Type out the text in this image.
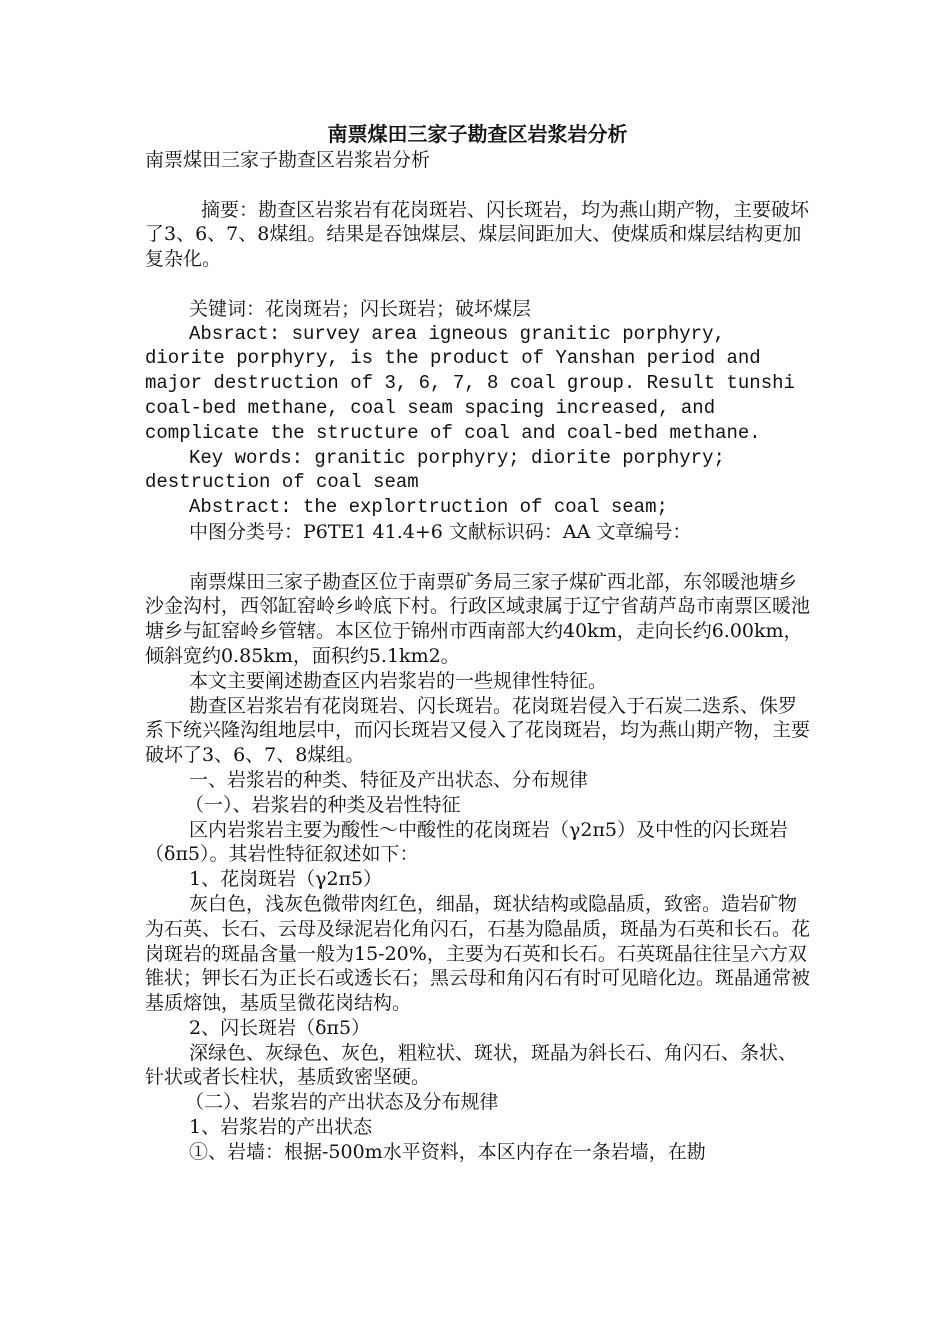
南票煤田三家子勘查区岩浆岩分析
南票煤田三家子勘查区岩浆岩分析
摘要：勘查区岩浆岩有花岗斑岩、闪长斑岩，均为燕山期产物，主要破坏了3、6、7、8煤组。结果是吞蚀煤层、煤层间距加大、使煤质和煤层结构更加复杂化。
关键词：花岗斑岩；闪长斑岩；破坏煤层
Absract: survey area igneous granitic porphyry, diorite porphyry, is the product of Yanshan period and major destruction of 3, 6, 7, 8 coal group. Result tunshi coal-bed methane, coal seam spacing increased, and complicate the structure of coal and coal-bed methane.
Key words: granitic porphyry; diorite porphyry; destruction of coal seam
Abstract: the explortruction of coal seam;
中图分类号：P6TE1 41.4+6 文献标识码：AA 文章编号：
南票煤田三家子勘查区位于南票矿务局三家子煤矿西北部，东邻暖池塘乡沙金沟村，西邻缸窑岭乡岭底下村。行政区域隶属于辽宁省葫芦岛市南票区暖池塘乡与缸窑岭乡管辖。本区位于锦州市西南部大约40km，走向长约6.00km，倾斜宽约0.85km，面积约5.1km2。
本文主要阐述勘查区内岩浆岩的一些规律性特征。
勘查区岩浆岩有花岗斑岩、闪长斑岩。花岗斑岩侵入于石炭二迭系、侏罗系下统兴隆沟组地层中，而闪长斑岩又侵入了花岗斑岩，均为燕山期产物，主要破坏了3、6、7、8煤组。
一、岩浆岩的种类、特征及产出状态、分布规律
（一）、岩浆岩的种类及岩性特征
区内岩浆岩主要为酸性～中酸性的花岗斑岩（γ2π5）及中性的闪长斑岩（δπ5）。其岩性特征叙述如下：
1、花岗斑岩（γ2π5）
灰白色，浅灰色微带肉红色，细晶，斑状结构或隐晶质，致密。造岩矿物为石英、长石、云母及绿泥岩化角闪石，石基为隐晶质，斑晶为石英和长石。花岗斑岩的斑晶含量一般为15-20%，主要为石英和长石。石英斑晶往往呈六方双锥状；钾长石为正长石或透长石；黑云母和角闪石有时可见暗化边。斑晶通常被基质熔蚀，基质呈微花岗结构。
2、闪长斑岩（δπ5）
深绿色、灰绿色、灰色，粗粒状、斑状，斑晶为斜长石、角闪石、条状、针状或者长柱状，基质致密坚硬。
（二）、岩浆岩的产出状态及分布规律
1、岩浆岩的产出状态
①、岩墙：根据-500m水平资料，本区内存在一条岩墙，在勘
